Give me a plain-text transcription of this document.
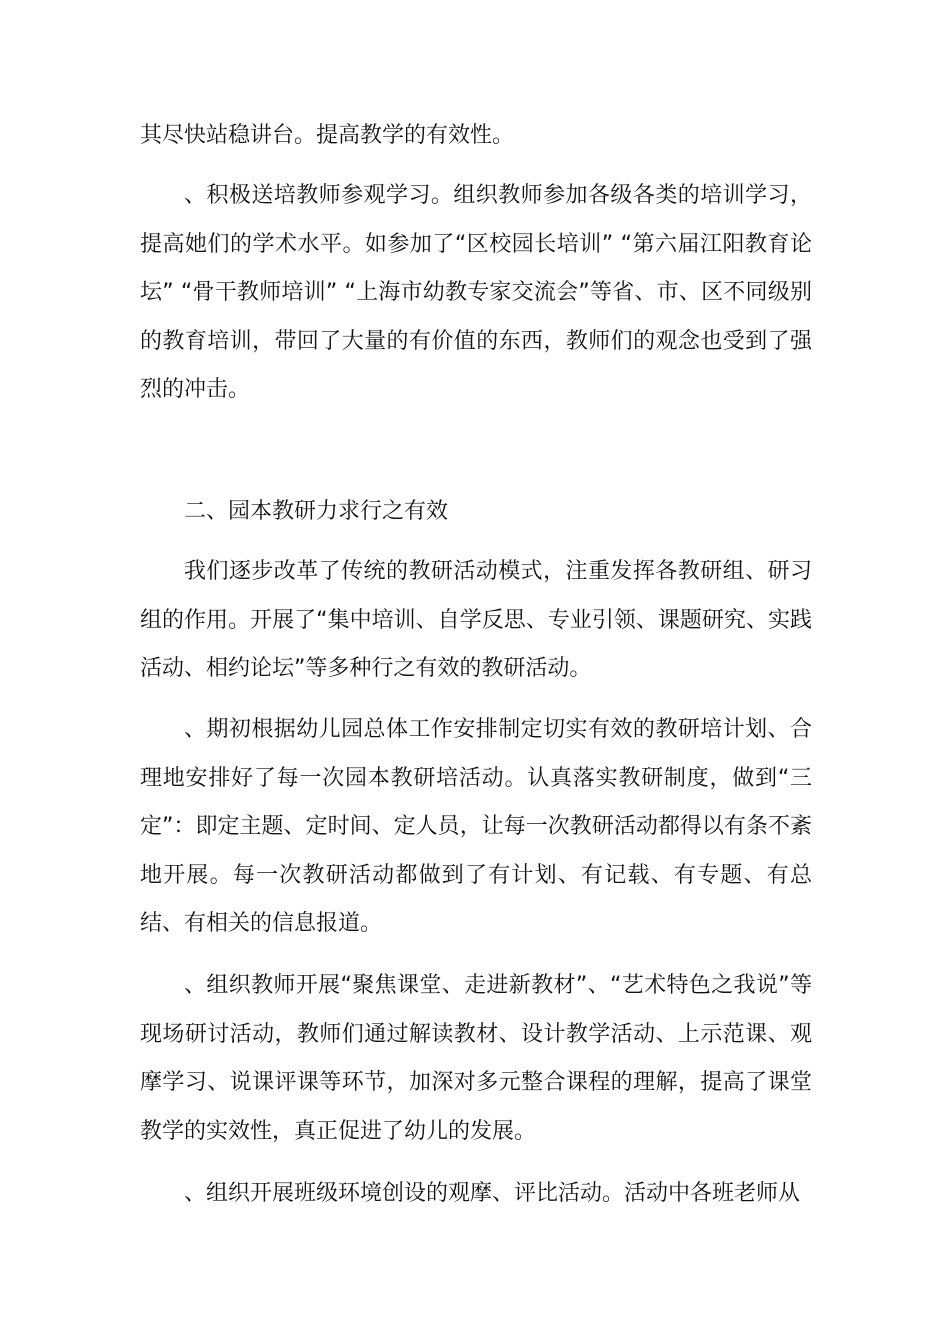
其尽快站稳讲台。提高教学的有效性。

、积极送培教师参观学习。组织教师参加各级各类的培训学习，提高她们的学术水平。如参加了“区校园长培训” “第六届江阳教育论坛” “骨干教师培训” “上海市幼教专家交流会”等省、市、区不同级别的教育培训，带回了大量的有价值的东西，教师们的观念也受到了强烈的冲击。

二、园本教研力求行之有效

我们逐步改革了传统的教研活动模式，注重发挥各教研组、研习组的作用。开展了“集中培训、自学反思、专业引领、课题研究、实践活动、相约论坛”等多种行之有效的教研活动。

、期初根据幼儿园总体工作安排制定切实有效的教研培计划、合理地安排好了每一次园本教研培活动。认真落实教研制度，做到“三定”：即定主题、定时间、定人员，让每一次教研活动都得以有条不紊地开展。每一次教研活动都做到了有计划、有记载、有专题、有总结、有相关的信息报道。

、组织教师开展“聚焦课堂、走进新教材”、“艺术特色之我说”等现场研讨活动，教师们通过解读教材、设计教学活动、上示范课、观摩学习、说课评课等环节，加深对多元整合课程的理解，提高了课堂教学的实效性，真正促进了幼儿的发展。

、组织开展班级环境创设的观摩、评比活动。活动中各班老师从
